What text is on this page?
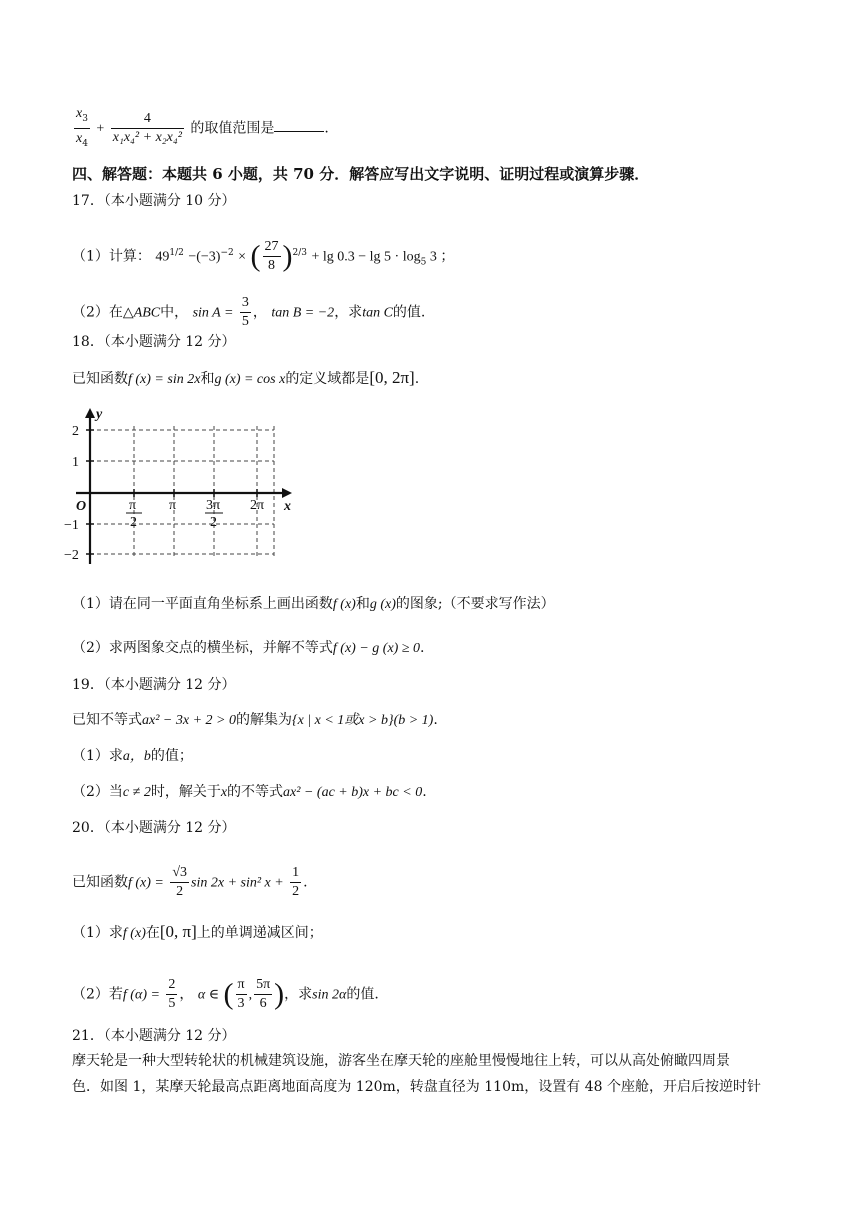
$\frac{x_3}{x_4} + \frac{4}{\text{x₁x₄² + x₂x₄²}}$ 的取值范围是	.
四、解答题：本题共 6 小题，共 70 分．解答应写出文字说明、证明过程或演算步骤．
17．（本小题满分 10 分）
（1）计算： $49^{1/2} -(-3)^{-2}$ × ( $\frac{27}{8} )^{2/3} + \lg 0.3 - \lg 5 \cdot \log_5 3$ ；
（2）在△ABC中， $\sin A = \frac{3}{5}$ ， tan B = −2，求tan C的值.
18．（本小题满分 12 分）
已知函数f (x) = sin 2x和g (x) = cos x的定义域都是[0, 2π].
y
x
O
2
1
−1
−2
π
2
π 3π
2
2π
（1）请在同一平面直角坐标系上画出函数f (x)和g (x)的图象;（不要求写作法）
（2）求两图象交点的横坐标，并解不等式f (x) − g (x) ≥ 0.
19．（本小题满分 12 分）
已知不等式ax² − 3x + 2 > 0的解集为{x | x < 1或x > b}(b > 1).
（1）求a，b的值；
（2）当c ≠ 2时，解关于x的不等式ax² − (ac + b)x + bc < 0.
20．（本小题满分 12 分）
已知函数f $(x) = \frac{√3}{2}$ sin 2x + sin² $x + \frac{1}{2}$ .
（1）求f (x)在[0, π]上的单调递减区间；
（2）若f $(\alpha) = \frac{2}{5}$ ， α ∈ ( $\frac{\pi}{3}$ , $\frac{5\pi}{6}$ )，求sin 2α的值.
21．（本小题满分 12 分）
摩天轮是一种大型转轮状的机械建筑设施，游客坐在摩天轮的座舱里慢慢地往上转，可以从高处俯瞰四周景
色．如图 1，某摩天轮最高点距离地面高度为 120m，转盘直径为 110m，设置有 48 个座舱，开启后按逆时针
